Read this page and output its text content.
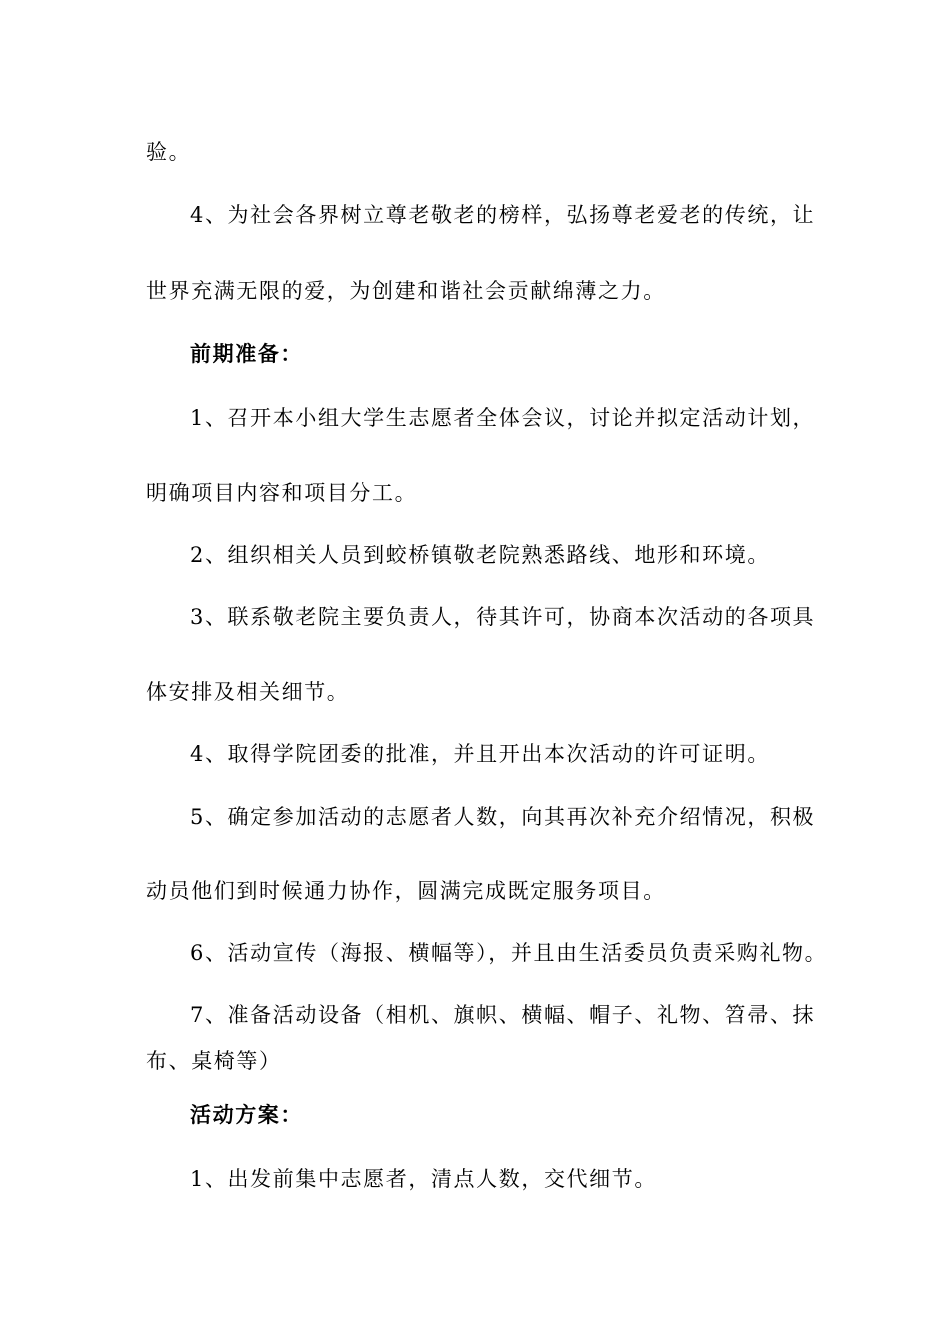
验。
4、为社会各界树立尊老敬老的榜样，弘扬尊老爱老的传统，让
世界充满无限的爱，为创建和谐社会贡献绵薄之力。
前期准备：
1、召开本小组大学生志愿者全体会议，讨论并拟定活动计划，
明确项目内容和项目分工。
2、组织相关人员到蛟桥镇敬老院熟悉路线、地形和环境。
3、联系敬老院主要负责人，待其许可，协商本次活动的各项具
体安排及相关细节。
4、取得学院团委的批准，并且开出本次活动的许可证明。
5、确定参加活动的志愿者人数，向其再次补充介绍情况，积极
动员他们到时候通力协作，圆满完成既定服务项目。
6、活动宣传（海报、横幅等），并且由生活委员负责采购礼物。
7、准备活动设备（相机、旗帜、横幅、帽子、礼物、笤帚、抹
布、桌椅等）
活动方案：
1、出发前集中志愿者，清点人数，交代细节。
